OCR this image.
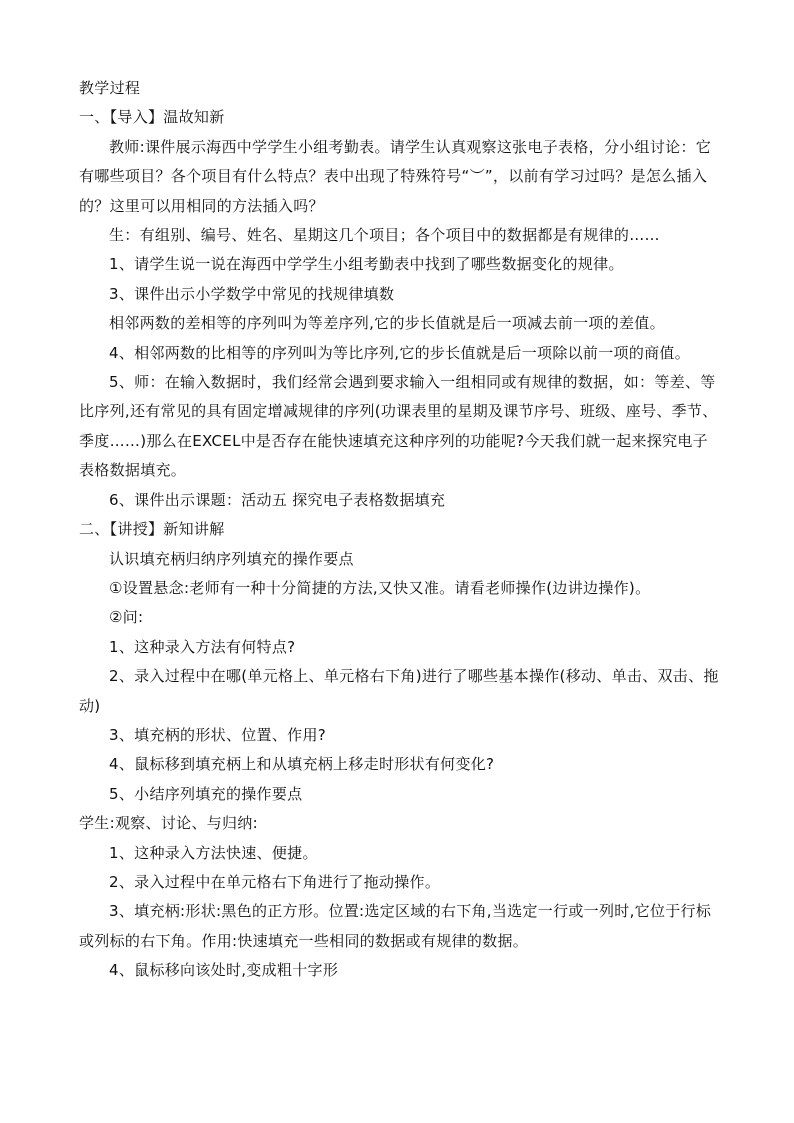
教学过程

一、【导入】温故知新

教师:课件展示海西中学学生小组考勤表。请学生认真观察这张电子表格，分小组讨论：它有哪些项目？各个项目有什么特点？表中出现了特殊符号“︶”，以前有学习过吗？是怎么插入的？这里可以用相同的方法插入吗？

生：有组别、编号、姓名、星期这几个项目；各个项目中的数据都是有规律的……

1、请学生说一说在海西中学学生小组考勤表中找到了哪些数据变化的规律。

3、课件出示小学数学中常见的找规律填数

相邻两数的差相等的序列叫为等差序列,它的步长值就是后一项减去前一项的差值。

4、相邻两数的比相等的序列叫为等比序列,它的步长值就是后一项除以前一项的商值。

5、师：在输入数据时，我们经常会遇到要求输入一组相同或有规律的数据，如：等差、等比序列,还有常见的具有固定增减规律的序列(功课表里的星期及课节序号、班级、座号、季节、季度……)那么在EXCEL中是否存在能快速填充这种序列的功能呢?今天我们就一起来探究电子表格数据填充。

6、课件出示课题：活动五 探究电子表格数据填充

二、【讲授】新知讲解

认识填充柄归纳序列填充的操作要点

①设置悬念:老师有一种十分简捷的方法,又快又准。请看老师操作(边讲边操作)。

②问:

1、这种录入方法有何特点?

2、录入过程中在哪(单元格上、单元格右下角)进行了哪些基本操作(移动、单击、双击、拖动)

3、填充柄的形状、位置、作用?

4、鼠标移到填充柄上和从填充柄上移走时形状有何变化?

5、小结序列填充的操作要点

学生:观察、讨论、与归纳:

1、这种录入方法快速、便捷。

2、录入过程中在单元格右下角进行了拖动操作。

3、填充柄:形状:黑色的正方形。位置:选定区域的右下角,当选定一行或一列时,它位于行标或列标的右下角。作用:快速填充一些相同的数据或有规律的数据。

4、鼠标移向该处时,变成粗十字形
